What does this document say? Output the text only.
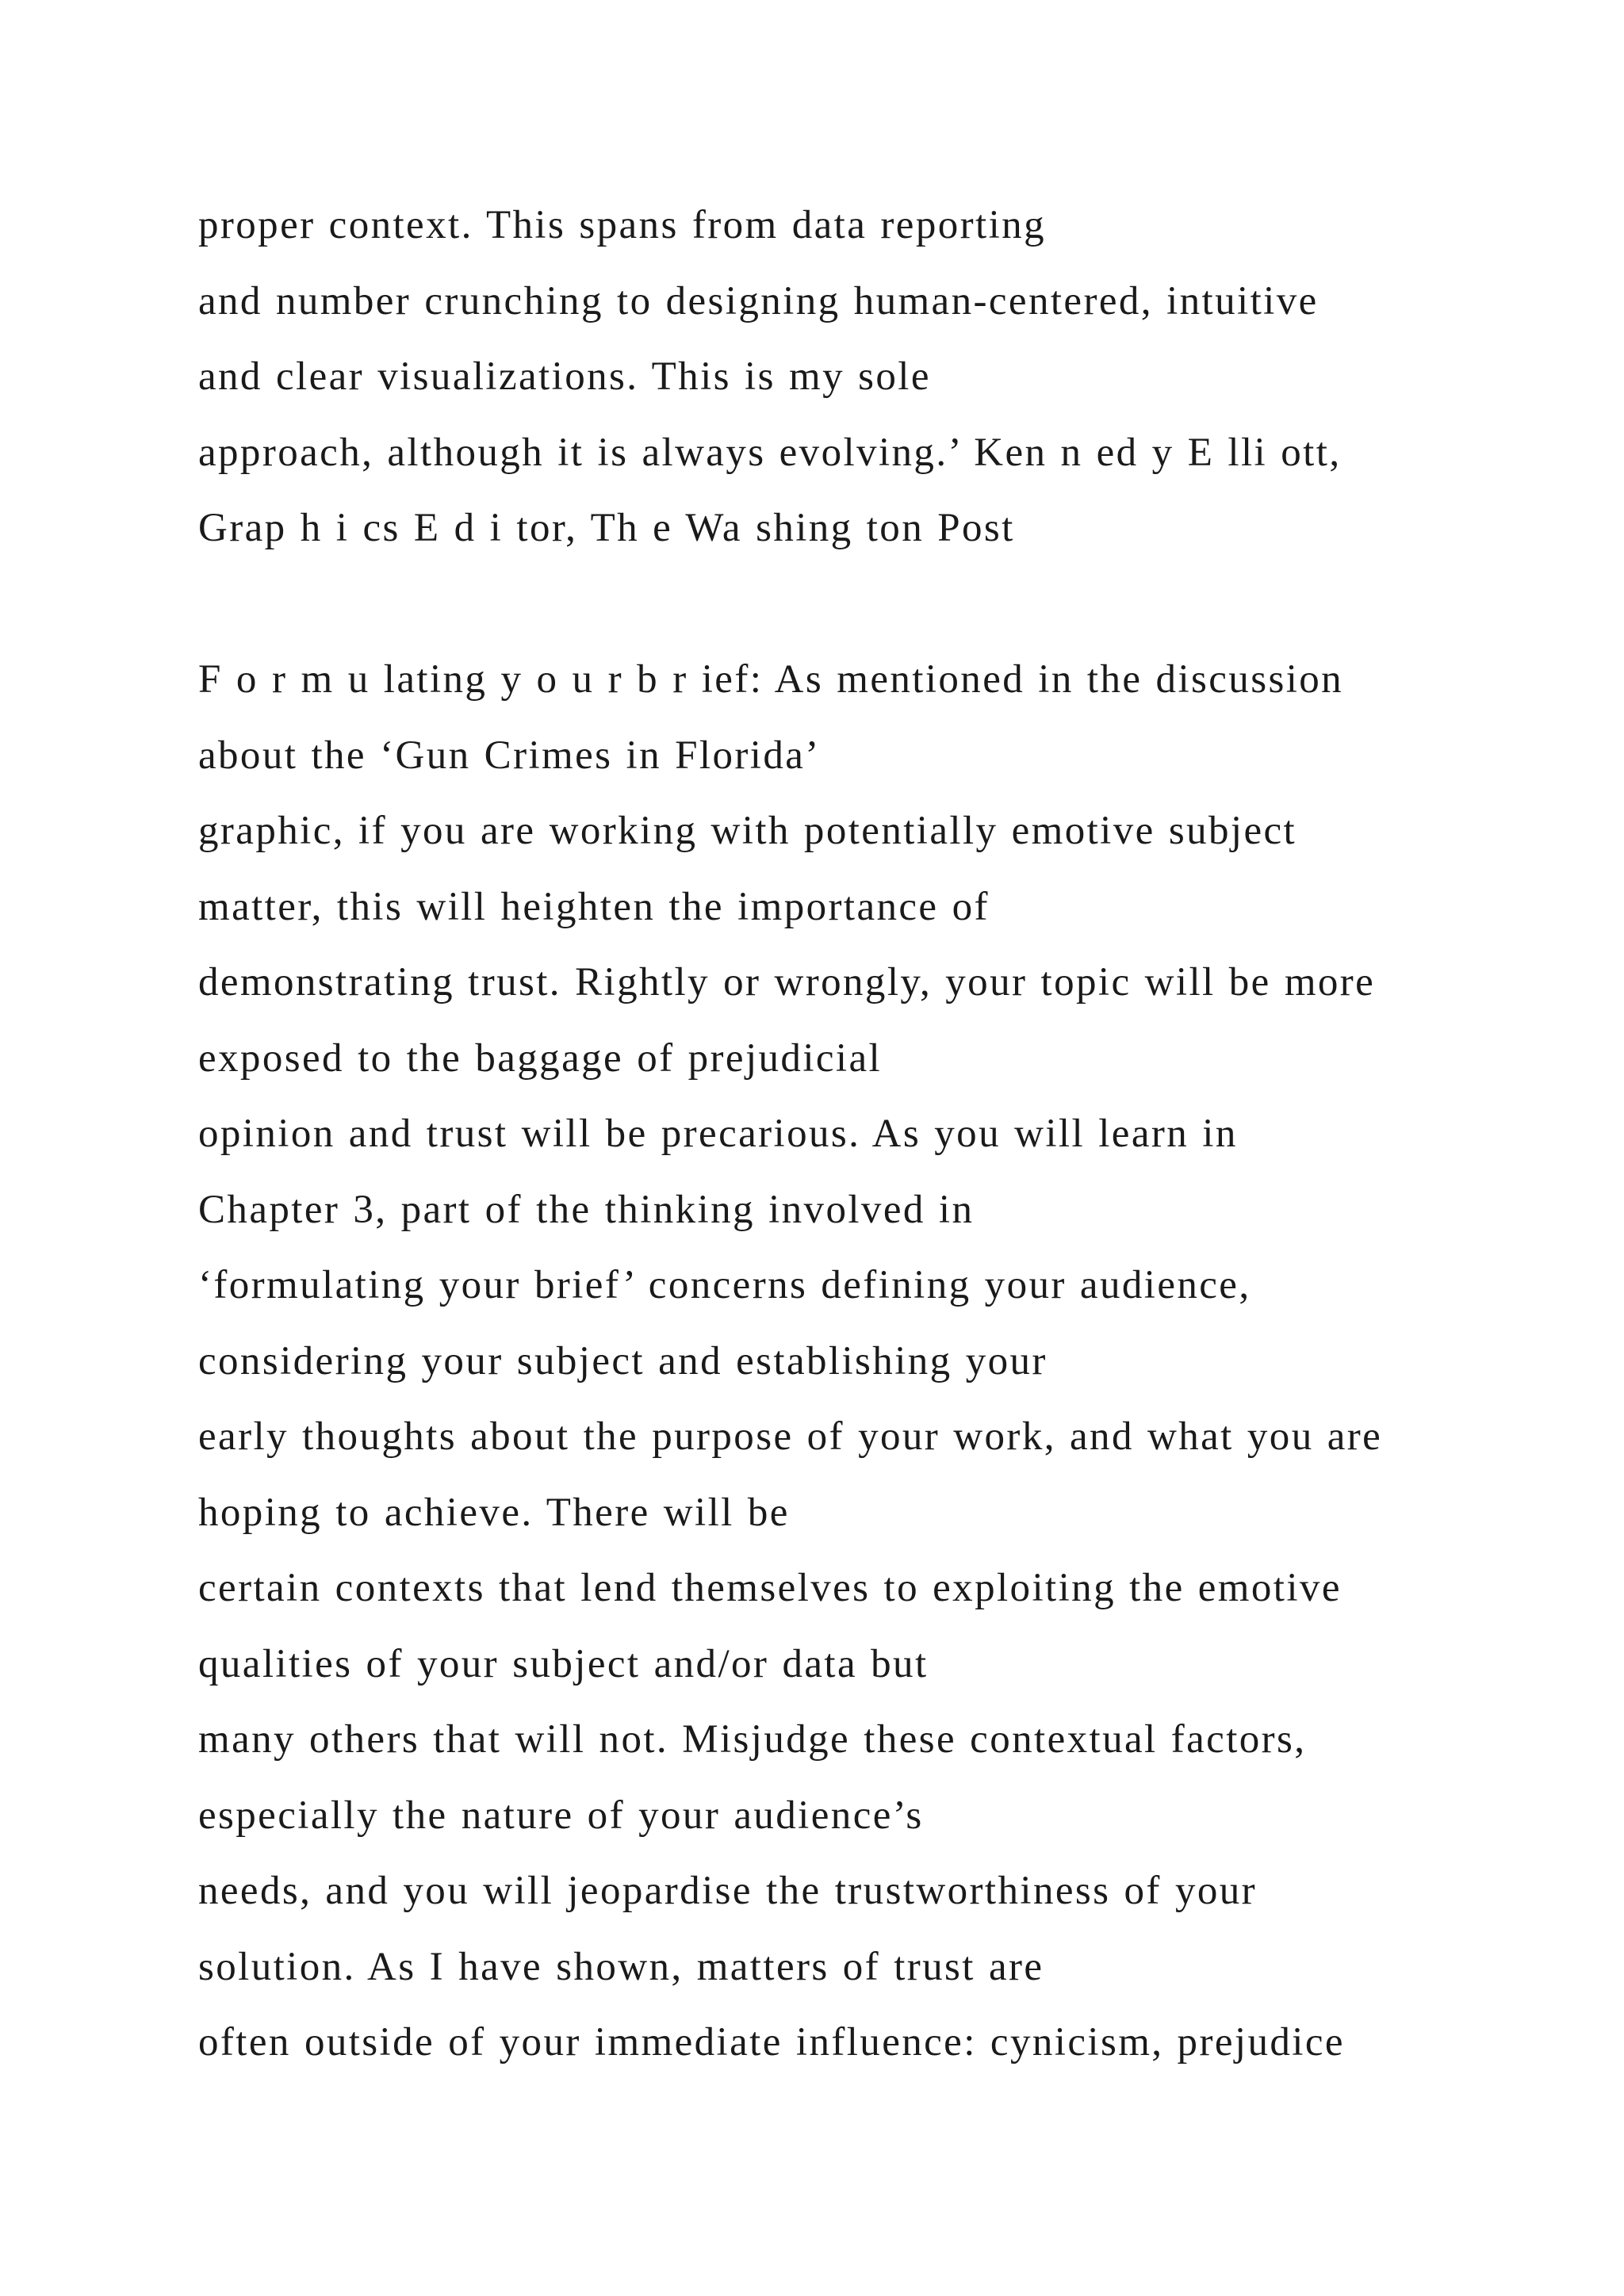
proper context. This spans from data reporting
and number crunching to designing human-centered, intuitive
and clear visualizations. This is my sole
approach, although it is always evolving.’ Ken n ed y E lli ott,
Grap h i cs E d i tor, Th e Wa shing ton Post
F o r m u lating y o u r b r ief: As mentioned in the discussion
about the ‘Gun Crimes in Florida’
graphic, if you are working with potentially emotive subject
matter, this will heighten the importance of
demonstrating trust. Rightly or wrongly, your topic will be more
exposed to the baggage of prejudicial
opinion and trust will be precarious. As you will learn in
Chapter 3, part of the thinking involved in
‘formulating your brief’ concerns defining your audience,
considering your subject and establishing your
early thoughts about the purpose of your work, and what you are
hoping to achieve. There will be
certain contexts that lend themselves to exploiting the emotive
qualities of your subject and/or data but
many others that will not. Misjudge these contextual factors,
especially the nature of your audience’s
needs, and you will jeopardise the trustworthiness of your
solution. As I have shown, matters of trust are
often outside of your immediate influence: cynicism, prejudice
